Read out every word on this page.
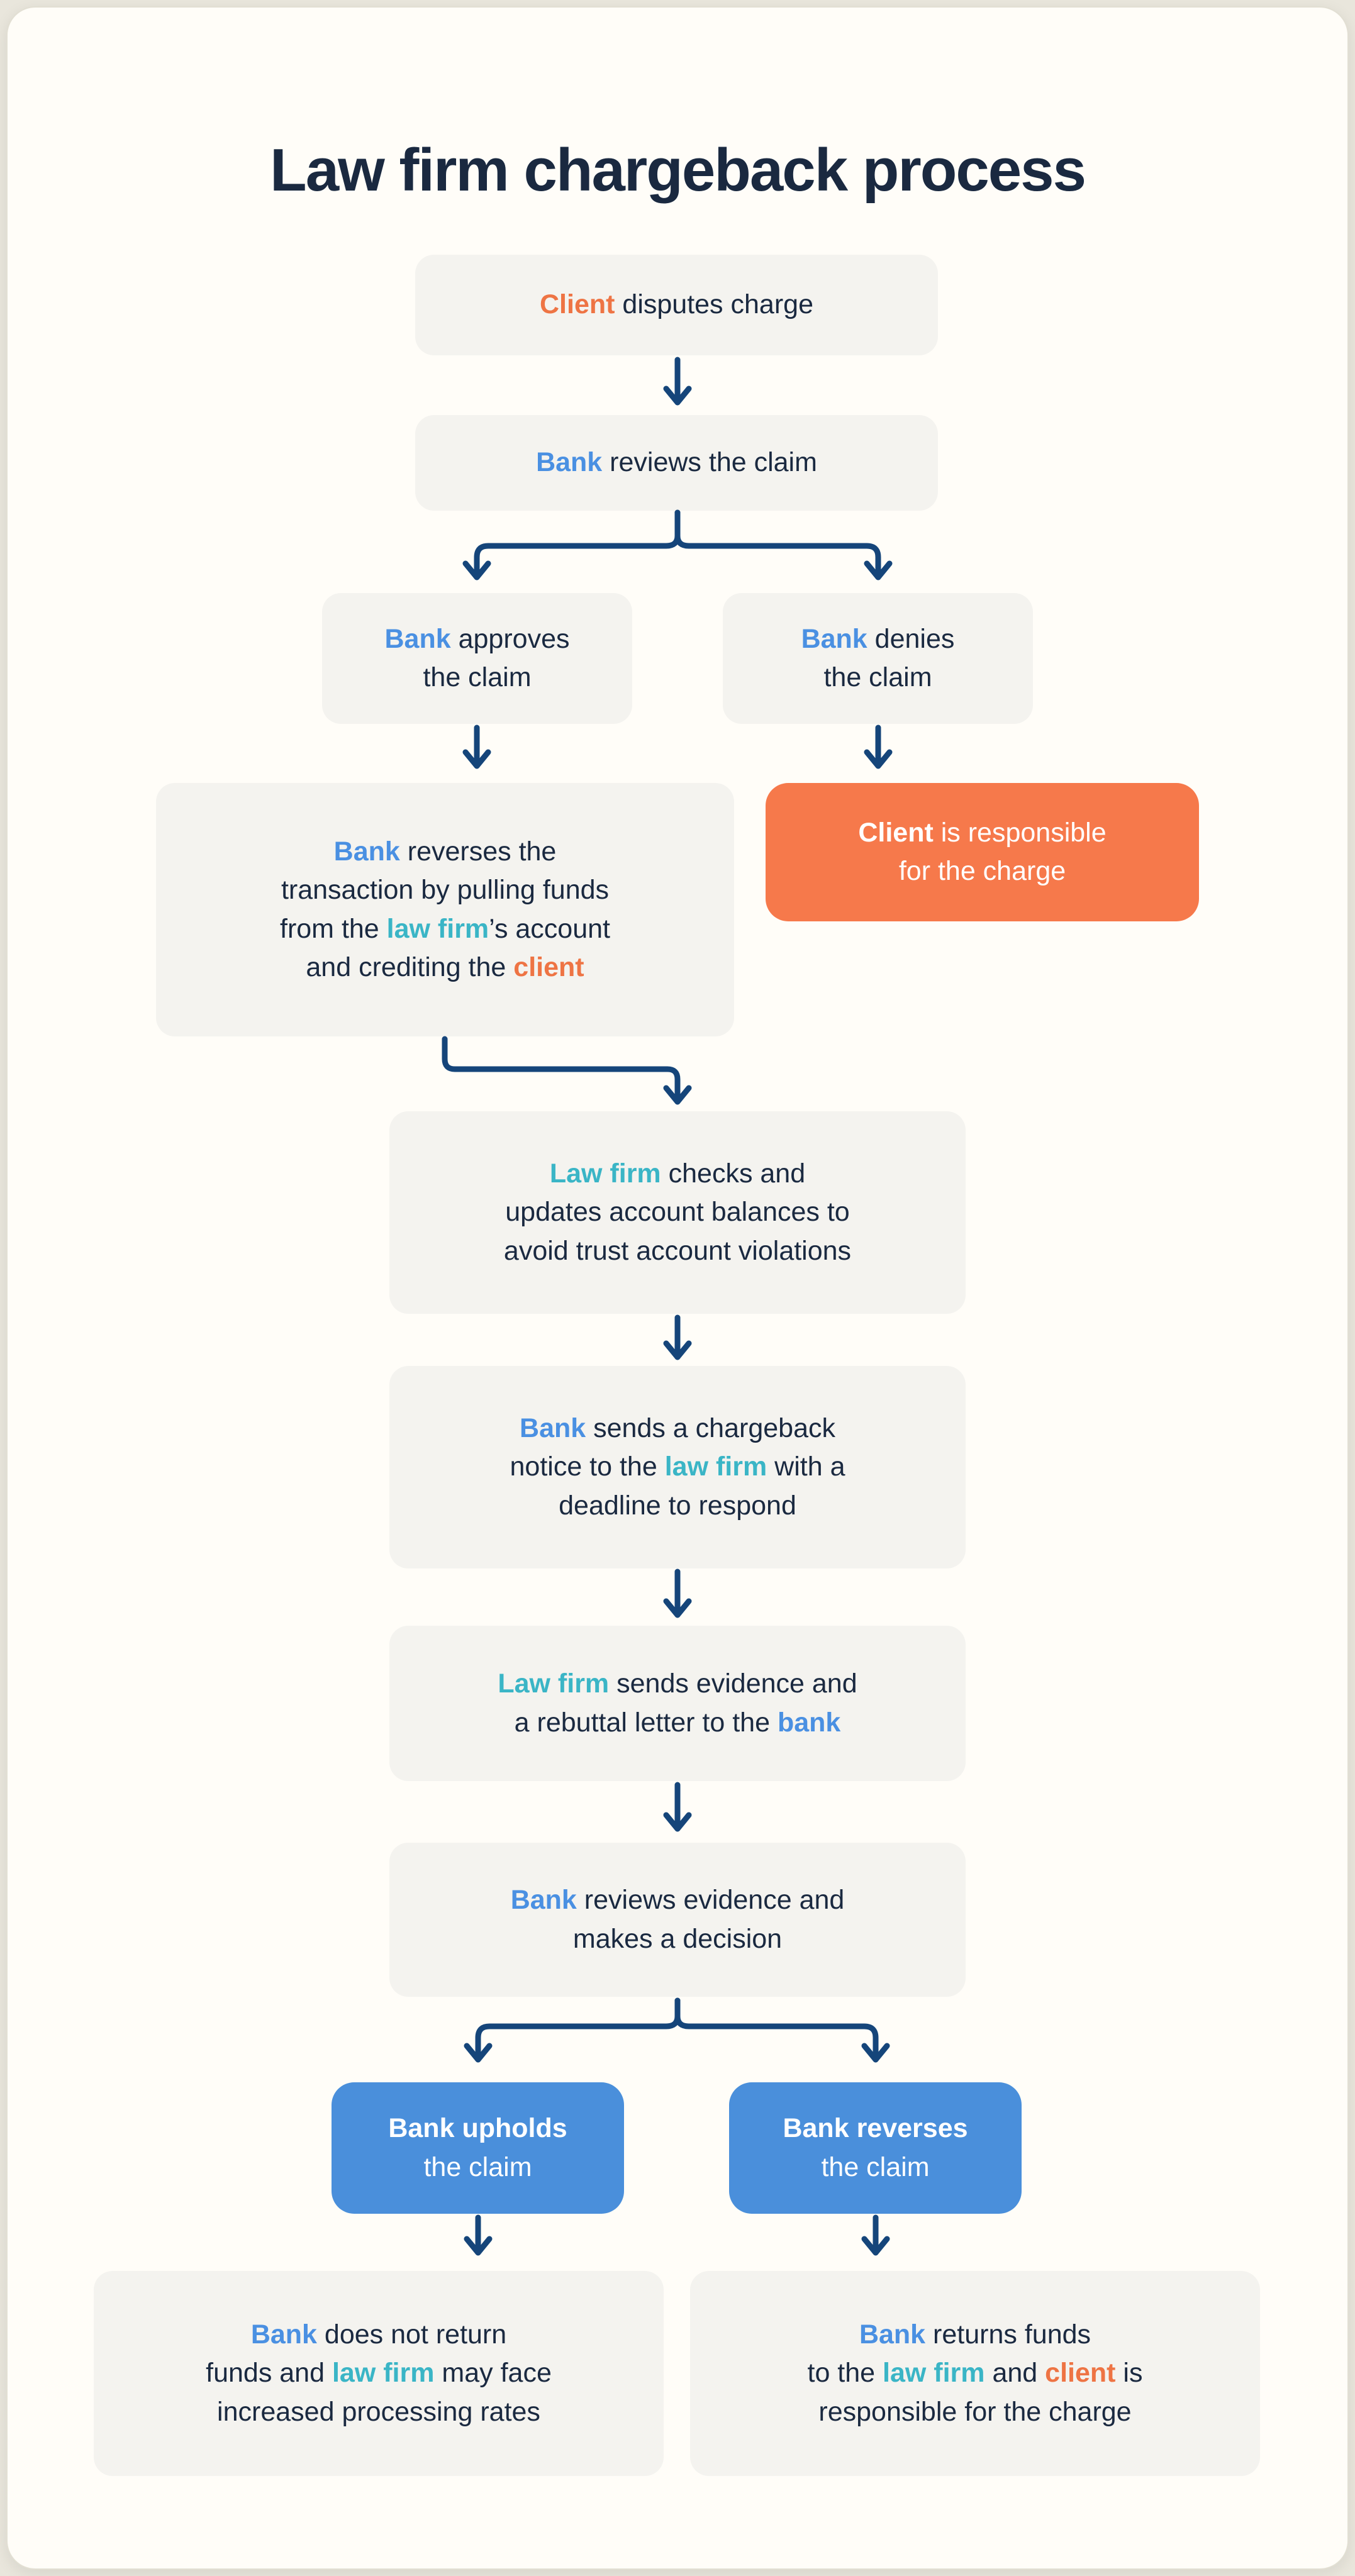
Law firm chargeback process
Client disputes charge
Bank reviews the claim
Bank approves
the claim
Bank denies
the claim
Bank reverses the
transaction by pulling funds
from the law firm’s account
and crediting the client
Client is responsible
for the charge
Law firm checks and
updates account balances to
avoid trust account violations
Bank sends a chargeback
notice to the law firm with a
deadline to respond
Law firm sends evidence and
a rebuttal letter to the bank
Bank reviews evidence and
makes a decision
Bank upholds
the claim
Bank reverses
the claim
Bank does not return
funds and law firm may face
increased processing rates
Bank returns funds
to the law firm and client is
responsible for the charge
